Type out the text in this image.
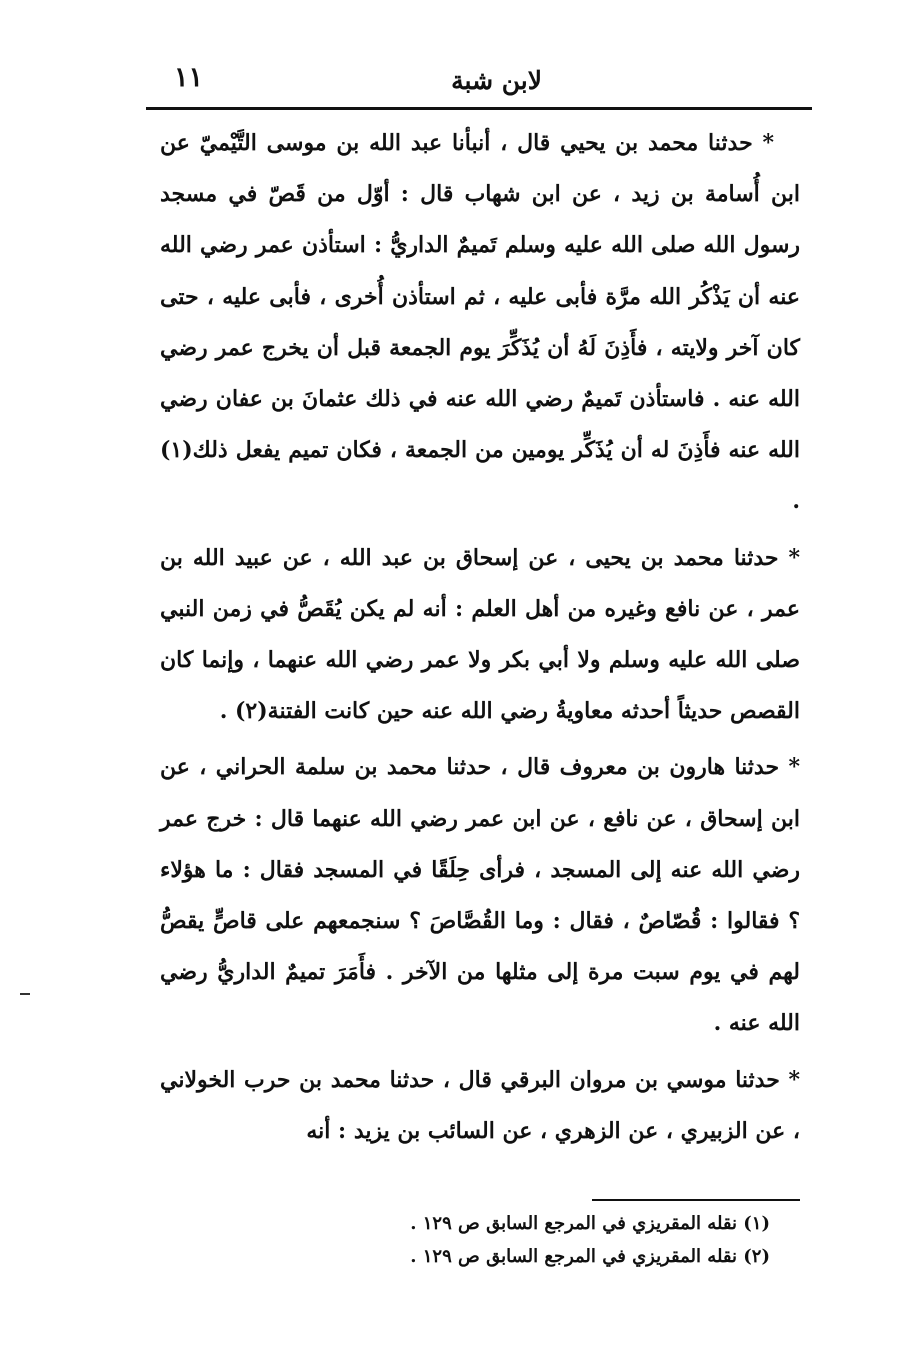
لابن شبة
١١

* حدثنا محمد بن يحيي قال ، أنبأنا عبد الله بن موسى التَّيْميّ عن ابن أُسامة بن زيد ، عن ابن شهاب قال : أوّل من قَصّ في مسجد رسول الله صلى الله عليه وسلم تَميمٌ الداريُّ : استأذن عمر رضي الله عنه أن يَذْكُر الله مرَّة فأبى عليه ، ثم استأذن أُخرى ، فأبى عليه ، حتى كان آخر ولايته ، فأَذِنَ لَهُ أن يُذَكِّرَ يوم الجمعة قبل أن يخرج عمر رضي الله عنه . فاستأذن تَميمٌ رضي الله عنه في ذلك عثمانَ بن عفان رضي الله عنه فأَذِنَ له أن يُذَكِّر يومين من الجمعة ، فكان تميم يفعل ذلك(١) .

* حدثنا محمد بن يحيى ، عن إسحاق بن عبد الله ، عن عبيد الله بن عمر ، عن نافع وغيره من أهل العلم : أنه لم يكن يُقَصُّ في زمن النبي صلى الله عليه وسلم ولا أبي بكر ولا عمر رضي الله عنهما ، وإنما كان القصص حديثاً أحدثه معاويةُ رضي الله عنه حين كانت الفتنة(٢) .

* حدثنا هارون بن معروف قال ، حدثنا محمد بن سلمة الحراني ، عن ابن إسحاق ، عن نافع ، عن ابن عمر رضي الله عنهما قال : خرج عمر رضي الله عنه إلى المسجد ، فرأى حِلَقًا في المسجد فقال : ما هؤلاء ؟ فقالوا : قُصّاصٌ ، فقال : وما القُصَّاصَ ؟ سنجمعهم على قاصٍّ يقصُّ لهم في يوم سبت مرة إلى مثلها من الآخر . فأَمَرَ تميمٌ الداريُّ رضي الله عنه .

* حدثنا موسي بن مروان البرقي قال ، حدثنا محمد بن حرب الخولاني ، عن الزبيري ، عن الزهري ، عن السائب بن يزيد : أنه

(١) نقله المقريزي في المرجع السابق ص ١٢٩ .
(٢) نقله المقريزي في المرجع السابق ص ١٢٩ .
